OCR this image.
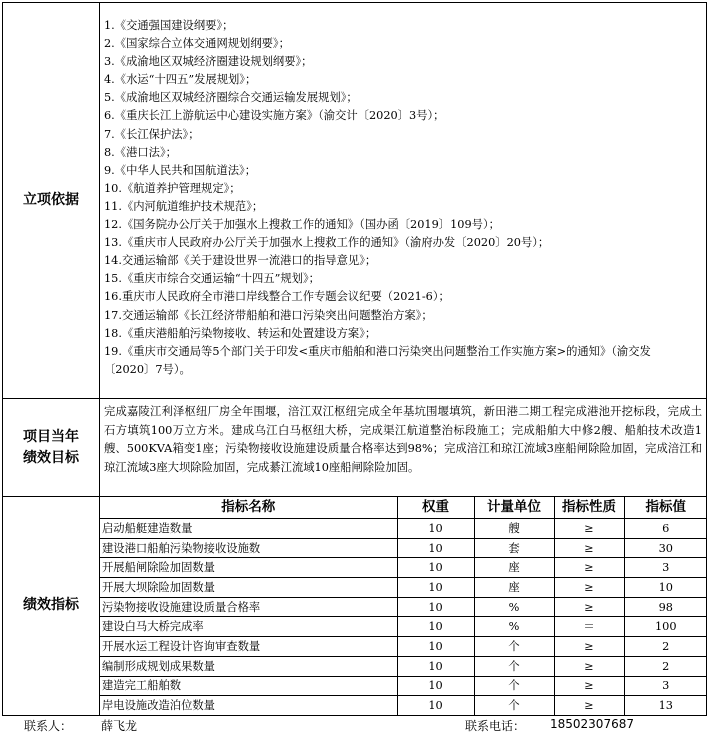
立项依据	
1.《交通强国建设纲要》；
2.《国家综合立体交通网规划纲要》；
3.《成渝地区双城经济圈建设规划纲要》；
4.《水运“十四五”发展规划》；
5.《成渝地区双城经济圈综合交通运输发展规划》；
6.《重庆长江上游航运中心建设实施方案》（渝交计〔2020〕3号）；
7.《长江保护法》；
8.《港口法》；
9.《中华人民共和国航道法》；
10.《航道养护管理规定》；
11.《内河航道维护技术规范》；
12.《国务院办公厅关于加强水上搜救工作的通知》（国办函〔2019〕109号）；
13.《重庆市人民政府办公厅关于加强水上搜救工作的通知》（渝府办发〔2020〕20号）；
14.交通运输部《关于建设世界一流港口的指导意见》；
15.《重庆市综合交通运输“十四五”规划》；
16.重庆市人民政府全市港口岸线整合工作专题会议纪要（2021-6）；
17.交通运输部《长江经济带船舶和港口污染突出问题整治方案》；
18.《重庆港船舶污染物接收、转运和处置建设方案》；
19.《重庆市交通局等5个部门关于印发<重庆市船舶和港口污染突出问题整治工作实施方案>的通知》（渝交发〔2020〕7号）。

项目当年
绩效目标

完成嘉陵江利泽枢纽厂房全年围堰，涪江双江枢纽完成全年基坑围堰填筑，新田港二期工程完成港池开挖标段，完成土石方填筑100万立方米。建成乌江白马枢纽大桥，完成渠江航道整治标段施工；完成船舶大中修2艘、船舶技术改造1艘、500KVA箱变1座；污染物接收设施建设质量合格率达到98%；完成涪江和琼江流域3座船闸除险加固，完成涪江和琼江流域3座大坝除险加固，完成綦江流域10座船闸除险加固。

绩效指标	
指标名称	权重	计量单位	指标性质	指标值
启动船艇建造数量	10	艘	≥	6
建设港口船舶污染物接收设施数	10	套	≥	30
开展船闸除险加固数量	10	座	≥	3
开展大坝除险加固数量	10	座	≥	10
污染物接收设施建设质量合格率	10	%	≥	98
建设白马大桥完成率	10	%	＝	100
开展水运工程设计咨询审查数量	10	个	≥	2
编制形成规划成果数量	10	个	≥	2
建造完工船舶数	10	个	≥	3
岸电设施改造泊位数量	10	个	≥	13
联系人： 薛飞龙	联系电话： 18502307687
